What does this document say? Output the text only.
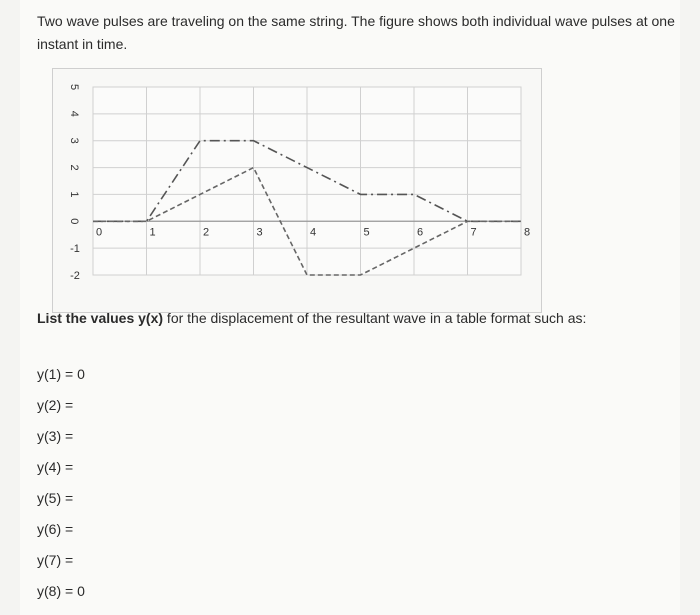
Two wave pulses are traveling on the same string. The figure shows both individual wave pulses at one instant in time.
5
4
3
2
1
0
-1
-2
0	1	2	3	4	5	6	7	8
List the values y(x) for the displacement of the resultant wave in a table format such as:
y(1) = 0
y(2) =
y(3) =
y(4) =
y(5) =
y(6) =
y(7) =
y(8) = 0
